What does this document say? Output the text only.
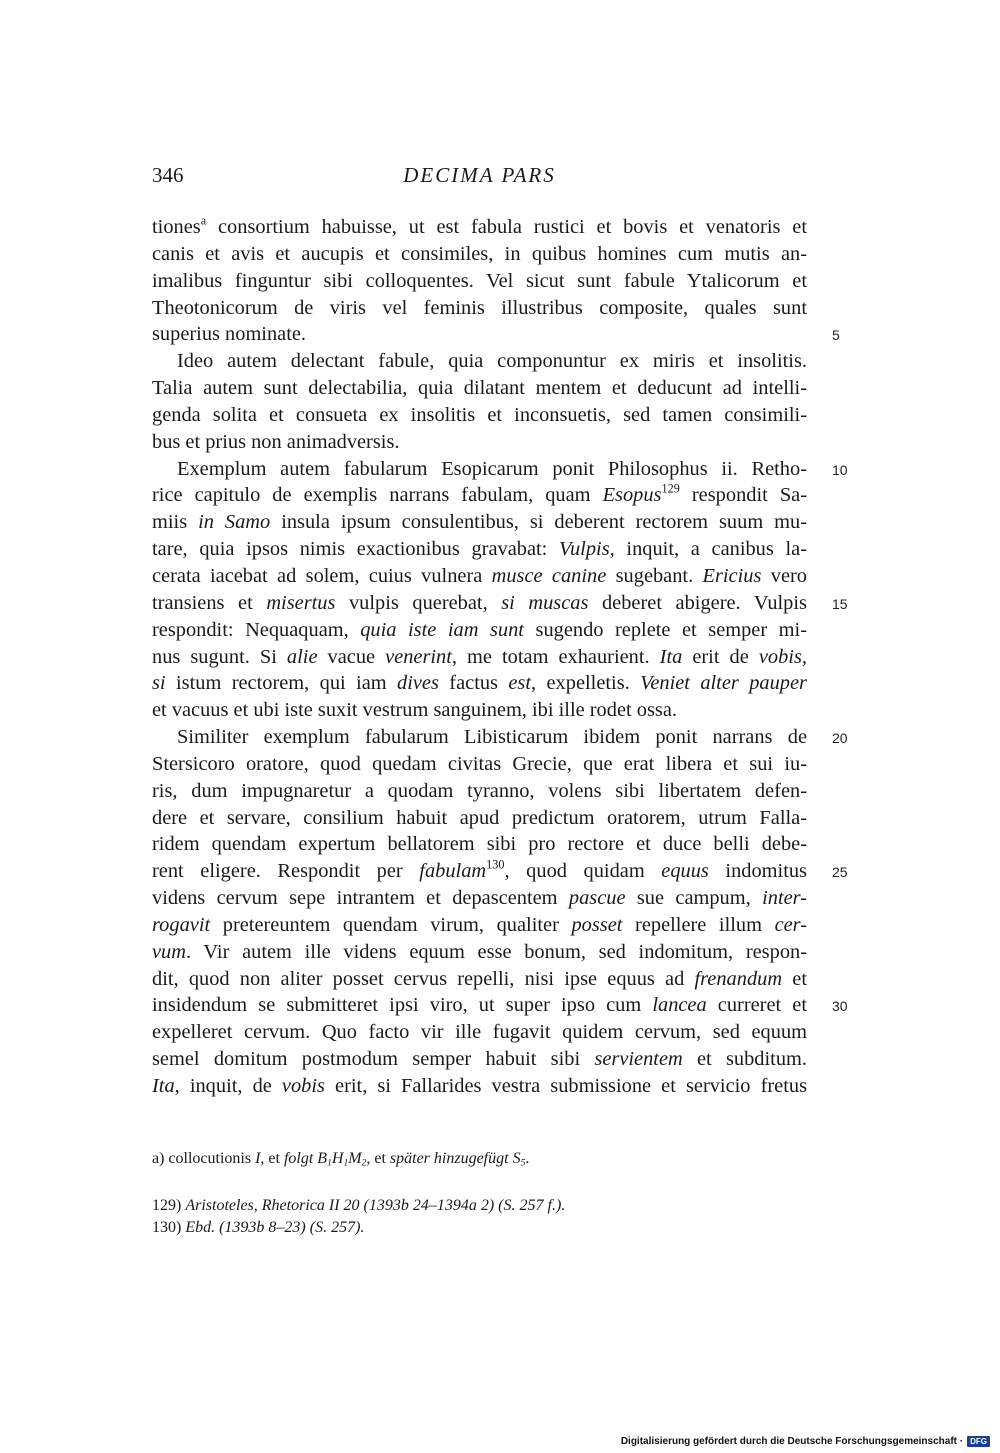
346	DECIMA PARS
tiones$^a$ consortium habuisse, ut est fabula rustici et bovis et venatoris et
canis et avis et aucupis et consimiles, in quibus homines cum mutis an-
imalibus finguntur sibi colloquentes. Vel sicut sunt fabule Ytalicorum et
Theotonicorum de viris vel feminis illustribus composite, quales sunt
superius nominate.	5
Ideo autem delectant fabule, quia componuntur ex miris et insolitis.
Talia autem sunt delectabilia, quia dilatant mentem et deducunt ad intelli-
genda solita et consueta ex insolitis et inconsuetis, sed tamen consimili-
bus et prius non animadversis.
Exemplum autem fabularum Esopicarum ponit Philosophus ii. Retho- 10
rice capitulo de exemplis narrans fabulam, quam Esopus$^{129}$ respondit Sa-
miis in Samo insula ipsum consulentibus, si deberent rectorem suum mu-
tare, quia ipsos nimis exactionibus gravabat: Vulpis, inquit, a canibus la-
cerata iacebat ad solem, cuius vulnera musce canine sugebant. Ericius vero
transiens et misertus vulpis querebat, si muscas deberet abigere. Vulpis 15
respondit: Nequaquam, quia iste iam sunt sugendo replete et semper mi-
nus sugunt. Si alie vacue venerint, me totam exhaurient. Ita erit de vobis,
si istum rectorem, qui iam dives factus est, expelletis. Veniet alter pauper
et vacuus et ubi iste suxit vestrum sanguinem, ibi ille rodet ossa.
Similiter exemplum fabularum Libisticarum ibidem ponit narrans de 20
Stersicoro oratore, quod quedam civitas Grecie, que erat libera et sui iu-
ris, dum impugnaretur a quodam tyranno, volens sibi libertatem defen-
dere et servare, consilium habuit apud predictum oratorem, utrum Falla-
ridem quendam expertum bellatorem sibi pro rectore et duce belli debe-
rent eligere. Respondit per fabulam$^{130}$, quod quidam equus indomitus 25
videns cervum sepe intrantem et depascentem pascue sue campum, inter-
rogavit pretereuntem quendam virum, qualiter posset repellere illum cer-
vum. Vir autem ille videns equum esse bonum, sed indomitum, respon-
dit, quod non aliter posset cervus repelli, nisi ipse equus ad frenandum et
insidendum se submitteret ipsi viro, ut super ipso cum lancea curreret et 30
expelleret cervum. Quo facto vir ille fugavit quidem cervum, sed equum
semel domitum postmodum semper habuit sibi servientem et subditum.
Ita, inquit, de vobis erit, si Fallarides vestra submissione et servicio fretus
a) collocutionis I, et folgt $B_1H_1M_2$, et später hinzugefügt $S_5$.
129) Aristoteles, Rhetorica II 20 (1393b 24–1394a 2) (S. 257 f.).
130) Ebd. (1393b 8–23) (S. 257).
Digitalisierung gefördert durch die Deutsche Forschungsgemeinschaft · DFG
